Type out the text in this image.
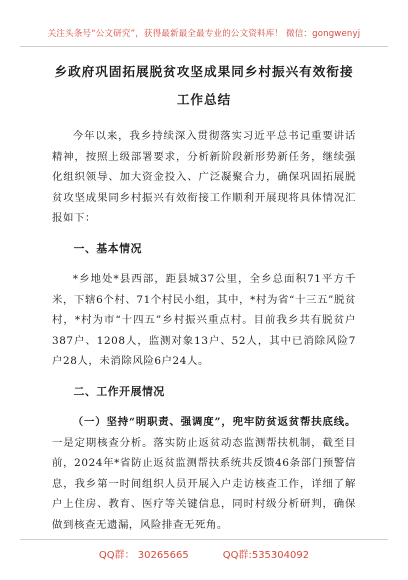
关注头条号“公文研究”，获得最新最全最专业的公文资料库！ 微信：gongwenyj

乡政府巩固拓展脱贫攻坚成果同乡村振兴有效衔接工作总结

今年以来，我乡持续深入贯彻落实习近平总书记重要讲话精神，按照上级部署要求，分析新阶段新形势新任务，继续强化组织领导、加大资金投入、广泛凝聚合力，确保巩固拓展脱贫攻坚成果同乡村振兴有效衔接工作顺利开展现将具体情况汇报如下：

一、基本情况

*乡地处*县西部，距县城37公里，全乡总面积71平方千米，下辖6个村、71个村民小组，其中，*村为省“十三五”脱贫村，*村为市“十四五”乡村振兴重点村。目前我乡共有脱贫户387户、1208人，监测对象13户、52人，其中已消除风险7户28人，未消除风险6户24人。

二、工作开展情况

（一）坚持“明职责、强调度”，兜牢防贫返贫帮扶底线。一是定期核查分析。落实防止返贫动态监测帮扶机制，截至目前，2024年*省防止返贫监测帮扶系统共反馈46条部门预警信息，我乡第一时间组织人员开展入户走访核查工作，详细了解户上住房、教育、医疗等关键信息，同时村级分析研判，确保做到核查无遗漏，风险排查无死角。

QQ群： 30265665	QQ群:535304092
